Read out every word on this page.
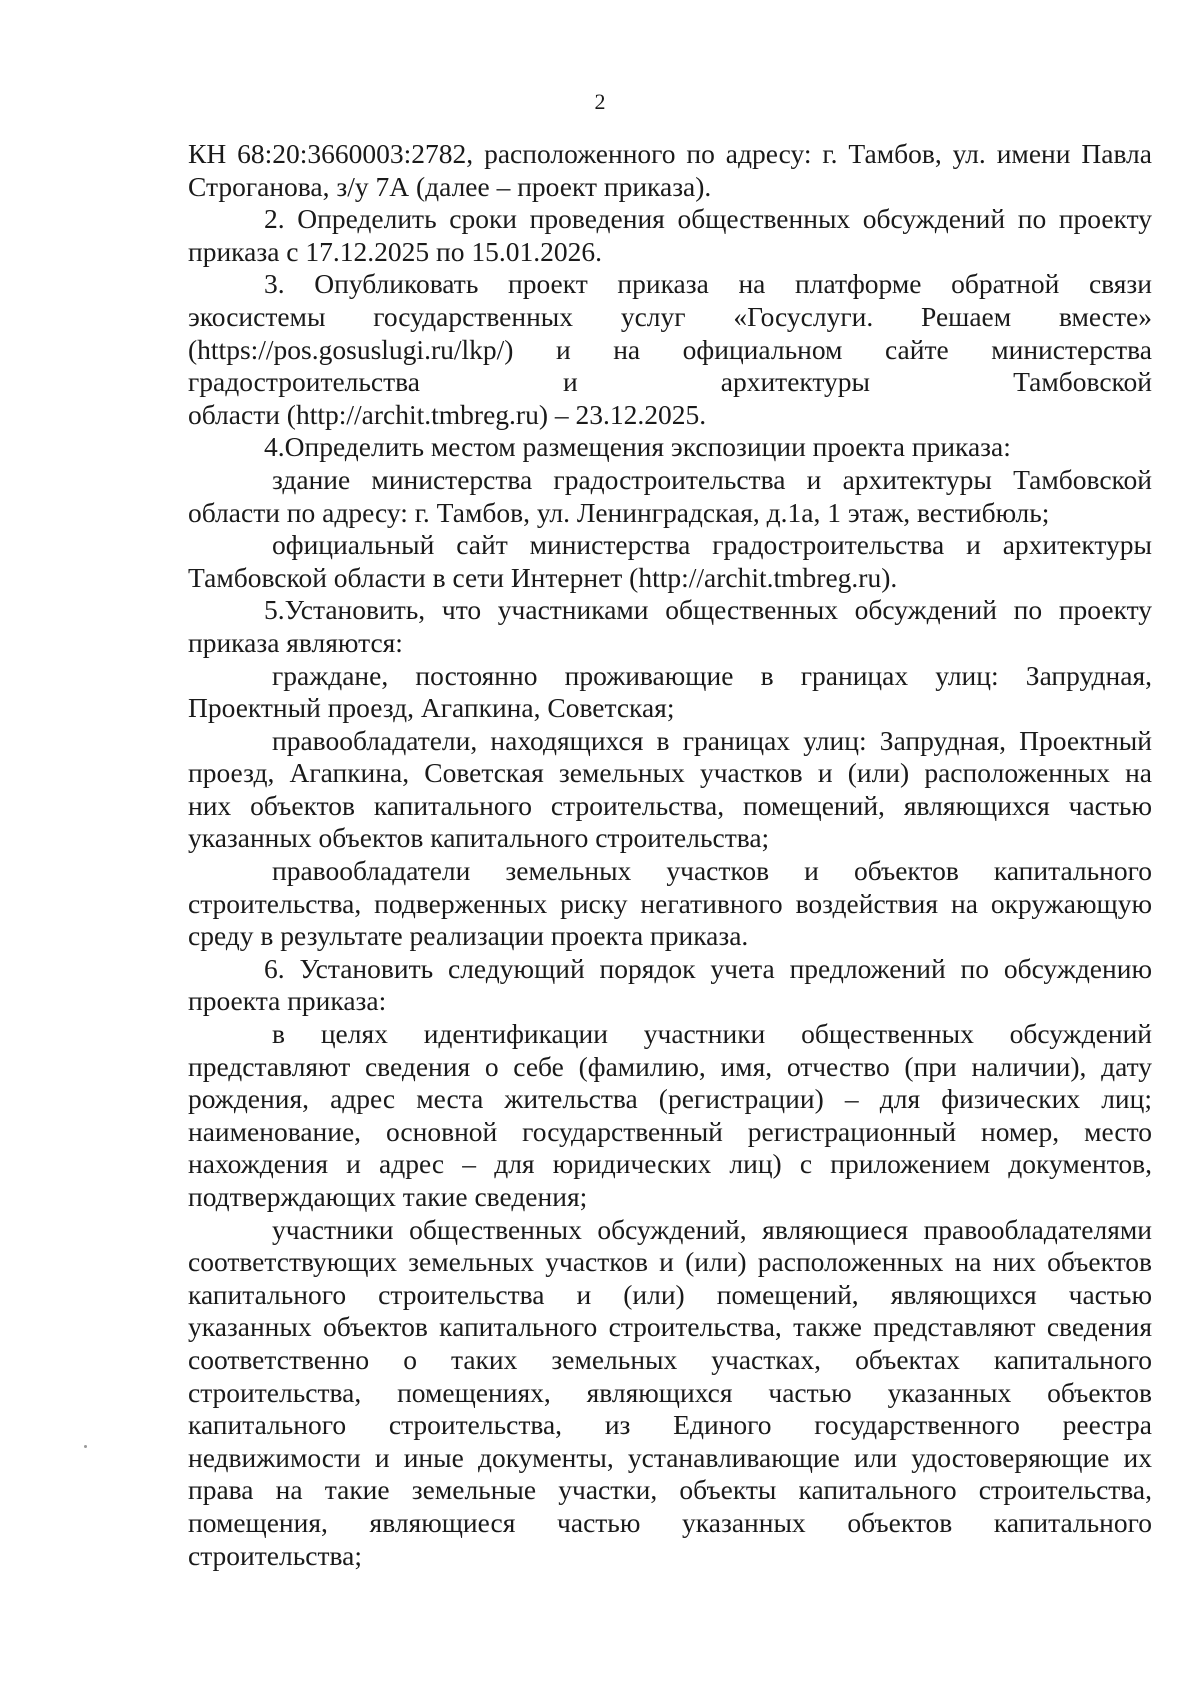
2
КН 68:20:3660003:2782, расположенного по адресу: г. Тамбов, ул. имени Павла
Строганова, з/у 7А (далее – проект приказа).
2. Определить сроки проведения общественных обсуждений по проекту
приказа с 17.12.2025 по 15.01.2026.
3. Опубликовать проект приказа на платформе обратной связи
экосистемы государственных услуг «Госуслуги. Решаем вместе»
(https://pos.gosuslugi.ru/lkp/) и на официальном сайте министерства
градостроительства и архитектуры Тамбовской
области (http://archit.tmbreg.ru) – 23.12.2025.
4.Определить местом размещения экспозиции проекта приказа:
здание министерства градостроительства и архитектуры Тамбовской
области по адресу: г. Тамбов, ул. Ленинградская, д.1а, 1 этаж, вестибюль;
официальный сайт министерства градостроительства и архитектуры
Тамбовской области в сети Интернет (http://archit.tmbreg.ru).
5.Установить, что участниками общественных обсуждений по проекту
приказа являются:
граждане, постоянно проживающие в границах улиц: Запрудная,
Проектный проезд, Агапкина, Советская;
правообладатели, находящихся в границах улиц: Запрудная, Проектный
проезд, Агапкина, Советская земельных участков и (или) расположенных на
них объектов капитального строительства, помещений, являющихся частью
указанных объектов капитального строительства;
правообладатели земельных участков и объектов капитального
строительства, подверженных риску негативного воздействия на окружающую
среду в результате реализации проекта приказа.
6. Установить следующий порядок учета предложений по обсуждению
проекта приказа:
в целях идентификации участники общественных обсуждений
представляют сведения о себе (фамилию, имя, отчество (при наличии), дату
рождения, адрес места жительства (регистрации) – для физических лиц;
наименование, основной государственный регистрационный номер, место
нахождения и адрес – для юридических лиц) с приложением документов,
подтверждающих такие сведения;
участники общественных обсуждений, являющиеся правообладателями
соответствующих земельных участков и (или) расположенных на них объектов
капитального строительства и (или) помещений, являющихся частью
указанных объектов капитального строительства, также представляют сведения
соответственно о таких земельных участках, объектах капитального
строительства, помещениях, являющихся частью указанных объектов
капитального строительства, из Единого государственного реестра
недвижимости и иные документы, устанавливающие или удостоверяющие их
права на такие земельные участки, объекты капитального строительства,
помещения, являющиеся частью указанных объектов капитального
строительства;
